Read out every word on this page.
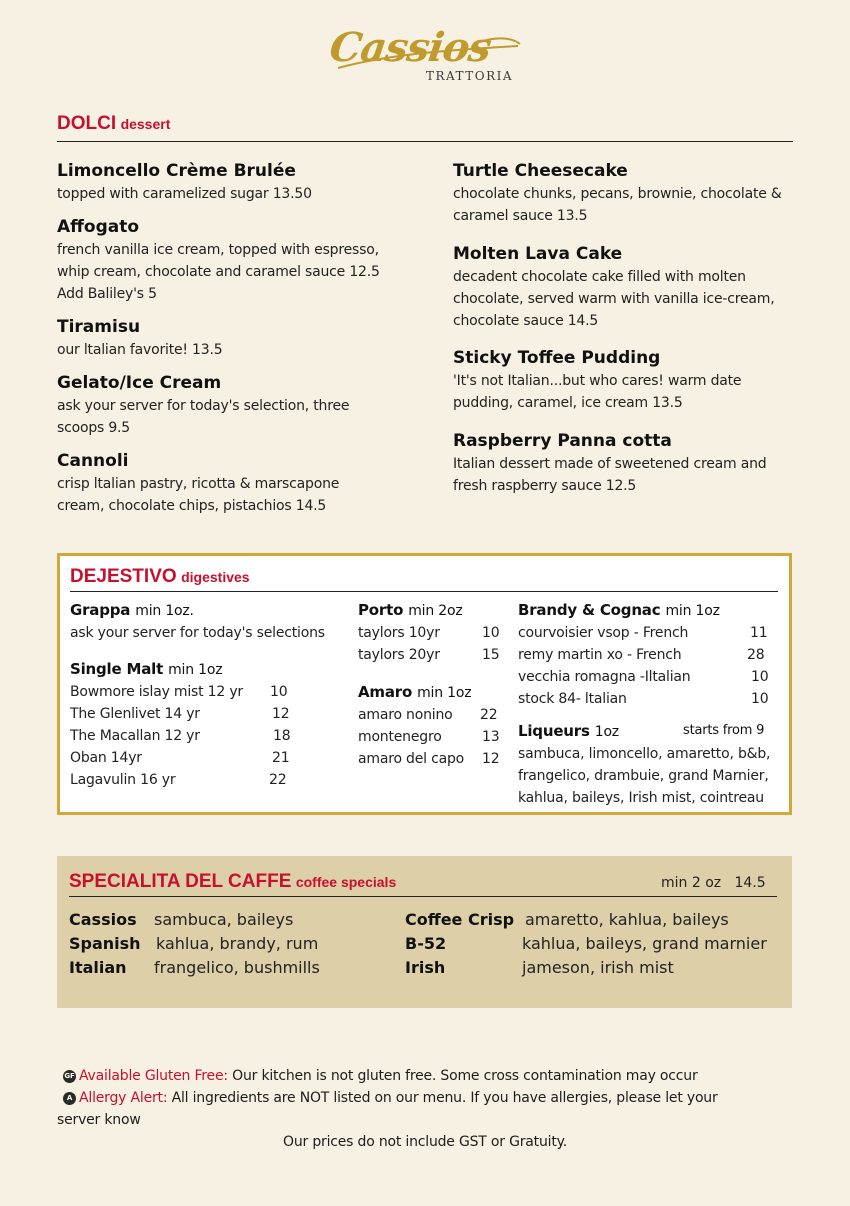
Cassios
TRATTORIA
DOLCI dessert
Limoncello Crème Brulée
topped with caramelized sugar 13.50
Affogato
french vanilla ice cream, topped with espresso,
whip cream, chocolate and caramel sauce 12.5
Add Baliley's 5
Tiramisu
our ltalian favorite! 13.5
Gelato/Ice Cream
ask your server for today's selection, three
scoops 9.5
Cannoli
crisp ltalian pastry, ricotta & marscapone
cream, chocolate chips, pistachios 14.5
Turtle Cheesecake
chocolate chunks, pecans, brownie, chocolate &
caramel sauce 13.5
Molten Lava Cake
decadent chocolate cake filled with molten
chocolate, served warm with vanilla ice-cream,
chocolate sauce 14.5
Sticky Toffee Pudding
'It's not Italian...but who cares! warm date
pudding, caramel, ice cream 13.5
Raspberry Panna cotta
Italian dessert made of sweetened cream and
fresh raspberry sauce 12.5
DEJESTIVO digestives
Grappa min 1oz.
ask your server for today's selections
Single Malt min 1oz
Bowmore islay mist 12 yr 10
The Glenlivet 14 yr	12
The Macallan 12 yr	18
Oban 14yr	21
Lagavulin 16 yr	22
Porto min 2oz
taylors 10yr	10
taylors 20yr	15
Amaro min 1oz
amaro nonino 22
montenegro	13
amaro del capo 12
Brandy & Cognac min 1oz
courvoisier vsop - French	11
remy martin xo - French	28
vecchia romagna -Iltalian	10
stock 84- ltalian	10
Liqueurs 1oz	starts from 9
sambuca, limoncello, amaretto, b&b,
frangelico, drambuie, grand Marnier,
kahlua, baileys, Irish mist, cointreau
SPECIALITA DEL CAFFE coffee specials	min 2 oz   14.5
Cassios sambuca, baileys
Spanish kahlua, brandy, rum
Italian frangelico, bushmills
Coffee Crisp amaretto, kahlua, baileys
B-52	kahlua, baileys, grand marnier
Irish	jameson, irish mist
GF Available Gluten Free: Our kitchen is not gluten free. Some cross contamination may occur
A Allergy Alert: All ingredients are NOT listed on our menu. If you have allergies, please let your
server know
Our prices do not include GST or Gratuity.
